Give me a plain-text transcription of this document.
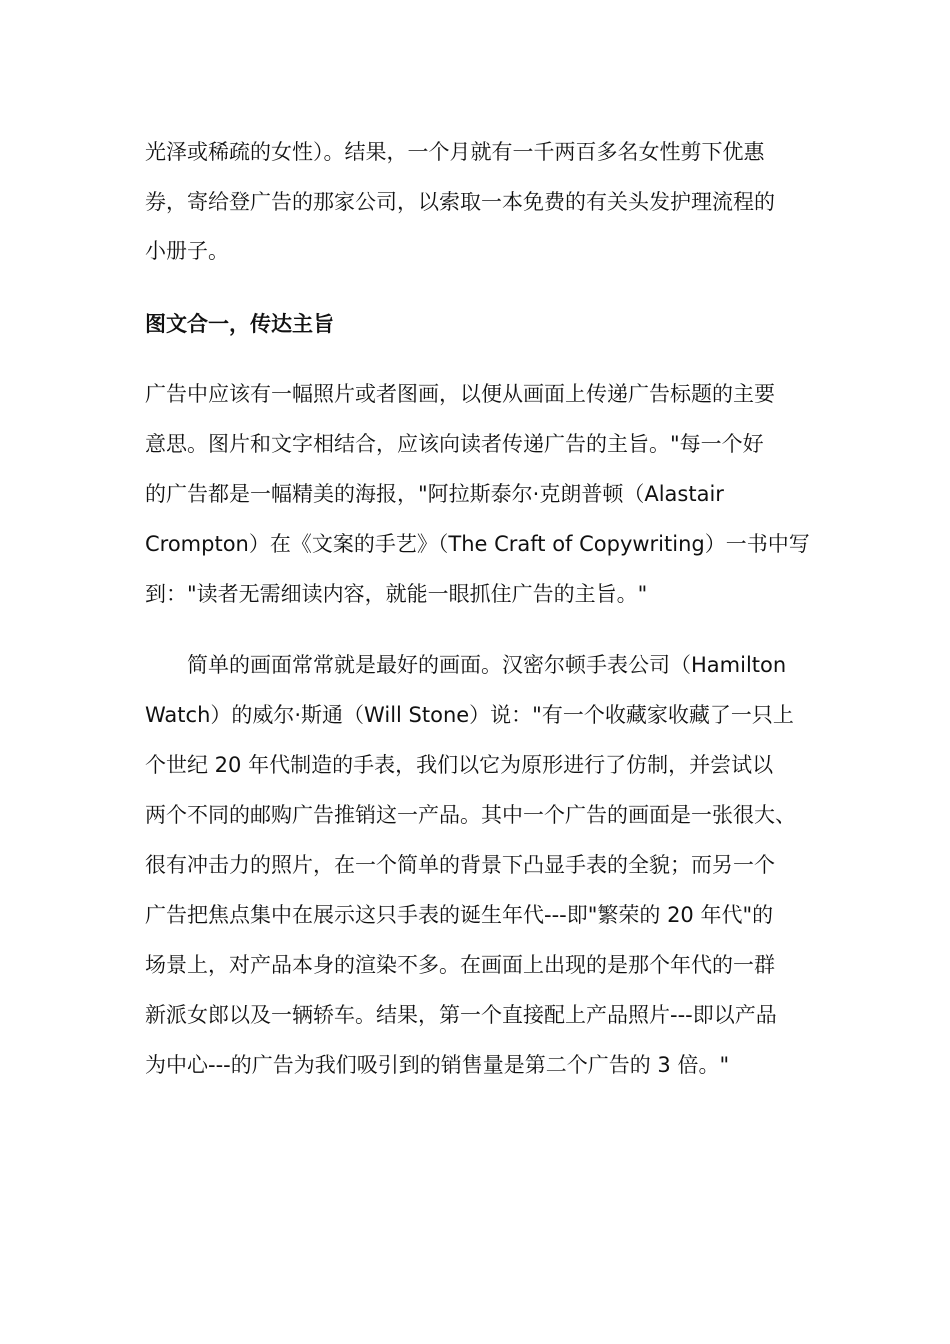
光泽或稀疏的女性）。结果，一个月就有一千两百多名女性剪下优惠
券，寄给登广告的那家公司，以索取一本免费的有关头发护理流程的
小册子。
图文合一，传达主旨
广告中应该有一幅照片或者图画，以便从画面上传递广告标题的主要
意思。图片和文字相结合，应该向读者传递广告的主旨。"每一个好
的广告都是一幅精美的海报，"阿拉斯泰尔·克朗普顿（Alastair
Crompton）在《文案的手艺》（The Craft of Copywriting）一书中写
到："读者无需细读内容，就能一眼抓住广告的主旨。"
　　简单的画面常常就是最好的画面。汉密尔顿手表公司（Hamilton
Watch）的威尔·斯通（Will Stone）说："有一个收藏家收藏了一只上
个世纪 20 年代制造的手表，我们以它为原形进行了仿制，并尝试以
两个不同的邮购广告推销这一产品。其中一个广告的画面是一张很大、
很有冲击力的照片，在一个简单的背景下凸显手表的全貌；而另一个
广告把焦点集中在展示这只手表的诞生年代---即"繁荣的 20 年代"的
场景上，对产品本身的渲染不多。在画面上出现的是那个年代的一群
新派女郎以及一辆轿车。结果，第一个直接配上产品照片---即以产品
为中心---的广告为我们吸引到的销售量是第二个广告的 3 倍。"
